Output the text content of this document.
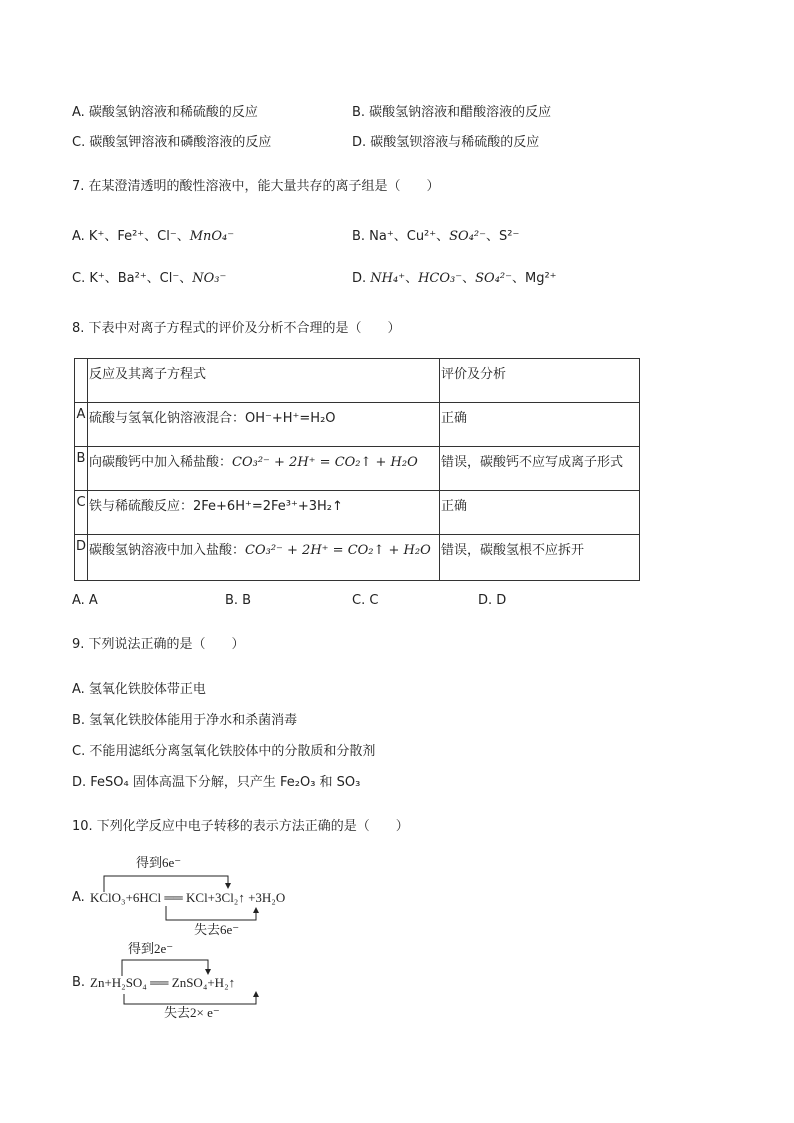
A. 碳酸氢钠溶液和稀硫酸的反应	B. 碳酸氢钠溶液和醋酸溶液的反应
C. 碳酸氢钾溶液和磷酸溶液的反应	D. 碳酸氢钡溶液与稀硫酸的反应
7. 在某澄清透明的酸性溶液中，能大量共存的离子组是（　　）
A. K⁺、Fe²⁺、Cl⁻、MnO₄⁻	B. Na⁺、Cu²⁺、SO₄²⁻、S²⁻
C. K⁺、Ba²⁺、Cl⁻、NO₃⁻	D. NH₄⁺、HCO₃⁻、SO₄²⁻、Mg²⁺
8. 下表中对离子方程式的评价及分析不合理的是（　　）
	反应及其离子方程式	评价及分析
A	硫酸与氢氧化钠溶液混合：OH⁻+H⁺=H₂O	正确
B	向碳酸钙中加入稀盐酸：CO₃²⁻ + 2H⁺ = CO₂↑ + H₂O	错误，碳酸钙不应写成离子形式
C	铁与稀硫酸反应：2Fe+6H⁺=2Fe³⁺+3H₂↑	正确
D	碳酸氢钠溶液中加入盐酸：CO₃²⁻ + 2H⁺ = CO₂↑ + H₂O	错误，碳酸氢根不应拆开
A. A	B. B	C. C	D. D
9. 下列说法正确的是（　　）
A. 氢氧化铁胶体带正电
B. 氢氧化铁胶体能用于净水和杀菌消毒
C. 不能用滤纸分离氢氧化铁胶体中的分散质和分散剂
D. FeSO₄ 固体高温下分解，只产生 Fe₂O₃ 和 SO₃
10. 下列化学反应中电子转移的表示方法正确的是（　　）
得到6e⁻
A. KClO₃+6HCl ══ KCl+3Cl₂↑ +3H₂O
失去6e⁻
得到2e⁻
B. Zn+H₂SO₄ ══ ZnSO₄+H₂↑
失去2× e⁻
